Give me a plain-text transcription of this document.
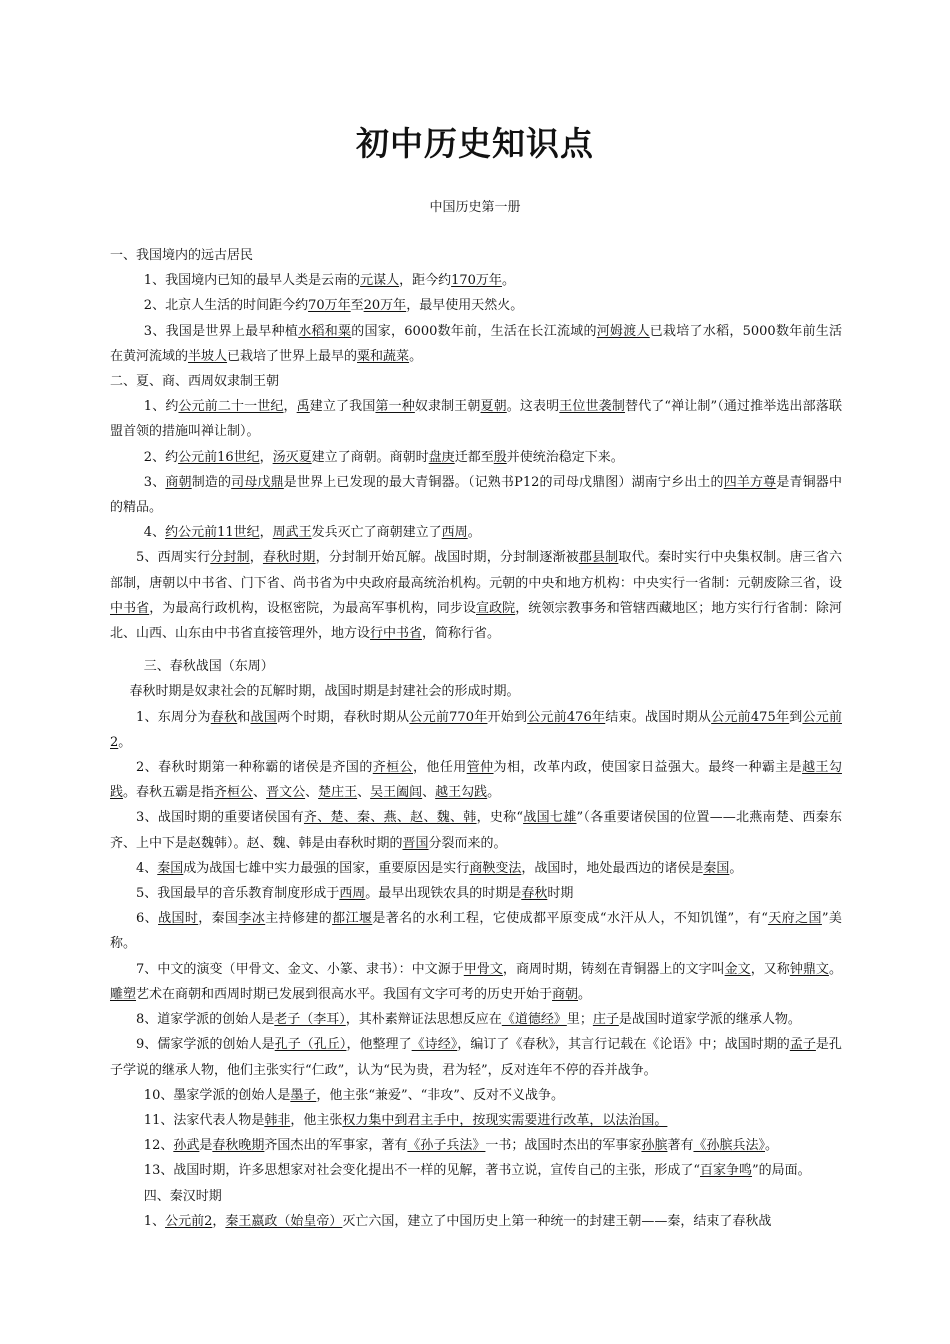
初中历史知识点

中国历史第一册

一、我国境内的远古居民

1、我国境内已知的最早人类是云南的元谋人，距今约170万年。

2、北京人生活的时间距今约70万年至20万年，最早使用天然火。

3、我国是世界上最早种植水稻和粟的国家，6000数年前，生活在长江流域的河姆渡人已栽培了水稻，5000数年前生活在黄河流域的半坡人已栽培了世界上最早的粟和蔬菜。

二、夏、商、西周奴隶制王朝

1、约公元前二十一世纪，禹建立了我国第一种奴隶制王朝夏朝。这表明王位世袭制替代了“禅让制”（通过推举选出部落联盟首领的措施叫禅让制）。

2、约公元前16世纪，汤灭夏建立了商朝。商朝时盘庚迁都至殷并使统治稳定下来。

3、商朝制造的司母戊鼎是世界上已发现的最大青铜器。（记熟书P12的司母戊鼎图）湖南宁乡出土的四羊方尊是青铜器中的精品。

4、约公元前11世纪，周武王发兵灭亡了商朝建立了西周。

5、西周实行分封制，春秋时期，分封制开始瓦解。战国时期，分封制逐渐被郡县制取代。秦时实行中央集权制。唐三省六部制，唐朝以中书省、门下省、尚书省为中央政府最高统治机构。元朝的中央和地方机构：中央实行一省制：元朝废除三省，设中书省，为最高行政机构，设枢密院，为最高军事机构，同步设宣政院，统领宗教事务和管辖西藏地区；地方实行行省制：除河北、山西、山东由中书省直接管理外，地方设行中书省，简称行省。

三、春秋战国（东周）

春秋时期是奴隶社会的瓦解时期，战国时期是封建社会的形成时期。

1、东周分为春秋和战国两个时期，春秋时期从公元前770年开始到公元前476年结束。战国时期从公元前475年到公元前2。

2、春秋时期第一种称霸的诸侯是齐国的齐桓公，他任用管仲为相，改革内政，使国家日益强大。最终一种霸主是越王勾践。春秋五霸是指齐桓公、晋文公、楚庄王、吴王阖闾、越王勾践。

3、战国时期的重要诸侯国有齐、楚、秦、燕、赵、魏、韩，史称“战国七雄”（各重要诸侯国的位置——北燕南楚、西秦东齐、上中下是赵魏韩）。赵、魏、韩是由春秋时期的晋国分裂而来的。

4、秦国成为战国七雄中实力最强的国家，重要原因是实行商鞅变法，战国时，地处最西边的诸侯是秦国。

5、我国最早的音乐教育制度形成于西周。最早出现铁农具的时期是春秋时期

6、战国时，秦国李冰主持修建的都江堰是著名的水利工程，它使成都平原变成“水汗从人，不知饥馑”，有“天府之国”美称。

7、中文的演变（甲骨文、金文、小篆、隶书）：中文源于甲骨文，商周时期，铸刻在青铜器上的文字叫金文，又称钟鼎文。雕塑艺术在商朝和西周时期已发展到很高水平。我国有文字可考的历史开始于商朝。

8、道家学派的创始人是老子（李耳），其朴素辩证法思想反应在《道德经》里；庄子是战国时道家学派的继承人物。

9、儒家学派的创始人是孔子（孔丘），他整理了《诗经》，编订了《春秋》，其言行记载在《论语》中；战国时期的孟子是孔子学说的继承人物，他们主张实行“仁政”，认为“民为贵，君为轻”，反对连年不停的吞并战争。

10、墨家学派的创始人是墨子，他主张“兼爱”、“非攻”、反对不义战争。

11、法家代表人物是韩非，他主张权力集中到君主手中，按现实需要进行改革，以法治国。

12、孙武是春秋晚期齐国杰出的军事家，著有《孙子兵法》一书；战国时杰出的军事家孙膑著有《孙膑兵法》。

13、战国时期，许多思想家对社会变化提出不一样的见解，著书立说，宣传自己的主张，形成了“百家争鸣”的局面。

四、秦汉时期

1、公元前2，秦王嬴政（始皇帝）灭亡六国，建立了中国历史上第一种统一的封建王朝——秦，结束了春秋战
